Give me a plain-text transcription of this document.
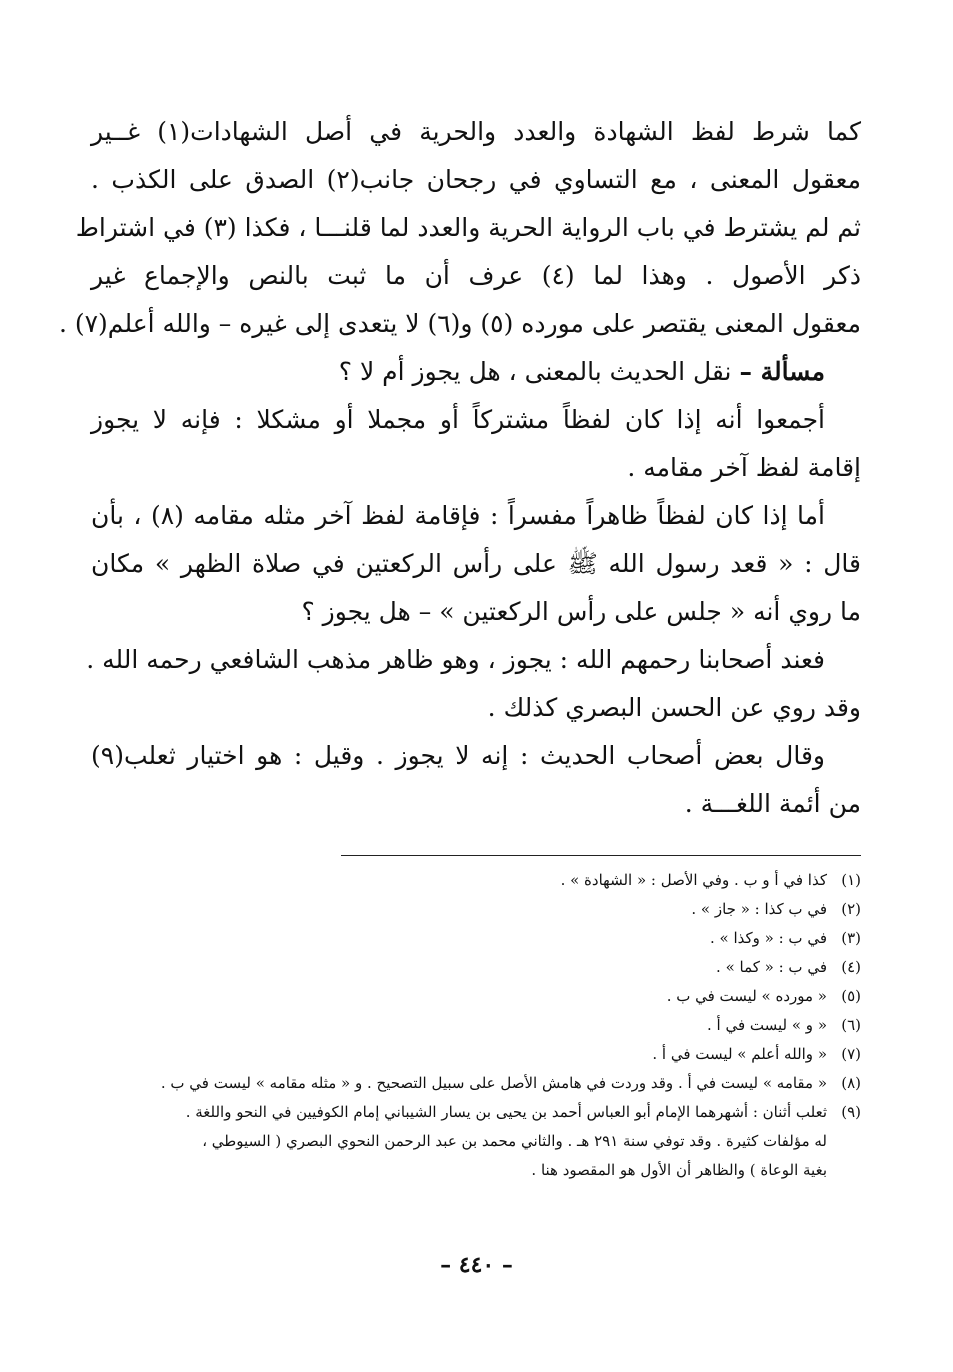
كما شرط لفظ الشهادة والعدد والحرية في أصل الشهادات(١) غــير
معقول المعنى ، مع التساوي في رجحان جانب(٢) الصدق على الكذب .
ثم لم يشترط في باب الرواية الحرية والعدد لما قلنـــا ، فكذا (٣) في اشتراط
ذكر الأصول . وهذا لما (٤) عرف أن ما ثبت بالنص والإجماع غير
معقول المعنى يقتصر على مورده (٥) و(٦) لا يتعدى إلى غيره – والله أعلم(٧) .
مسألة – نقل الحديث بالمعنى ، هل يجوز أم لا ؟
أجمعوا أنه إذا كان لفظاً مشتركاً أو مجملا أو مشكلا : فإنه لا يجوز
إقامة لفظ آخر مقامه .
أما إذا كان لفظاً ظاهراً مفسراً : فإقامة لفظ آخر مثله مقامه (٨) ، بأن
قال : « قعد رسول الله ﷺ على رأس الركعتين في صلاة الظهر » مكان
ما روي أنه « جلس على رأس الركعتين » – هل يجوز ؟
فعند أصحابنا رحمهم الله : يجوز ، وهو ظاهر مذهب الشافعي رحمه الله .
وقد روي عن الحسن البصري كذلك .
وقال بعض أصحاب الحديث : إنه لا يجوز . وقيل : هو اختيار ثعلب(٩)
من أئمة اللغـــة .
(١)
كذا في أ و ب . وفي الأصل : « الشهادة » .
(٢)
في ب كذا : « جاز » .
(٣)
في ب : « وكذا » .
(٤)
في ب : « كما » .
(٥)
« مورده » ليست في ب .
(٦)
« و » ليست في أ .
(٧)
« والله أعلم » ليست في أ .
(٨)
« مقامه » ليست في أ . وقد وردت في هامش الأصل على سبيل التصحيح . و « مثله مقامه » ليست في ب .
(٩)
ثعلب أثنان : أشهرهما الإمام أبو العباس أحمد بن يحيى بن يسار الشيباني إمام الكوفيين في النحو واللغة .
له مؤلفات كثيرة . وقد توفي سنة ٢٩١ هـ . والثاني محمد بن عبد الرحمن النحوي البصري ( السيوطي ،
بغية الوعاة ) والظاهر أن الأول هو المقصود هنا .
– ٤٤٠ –
